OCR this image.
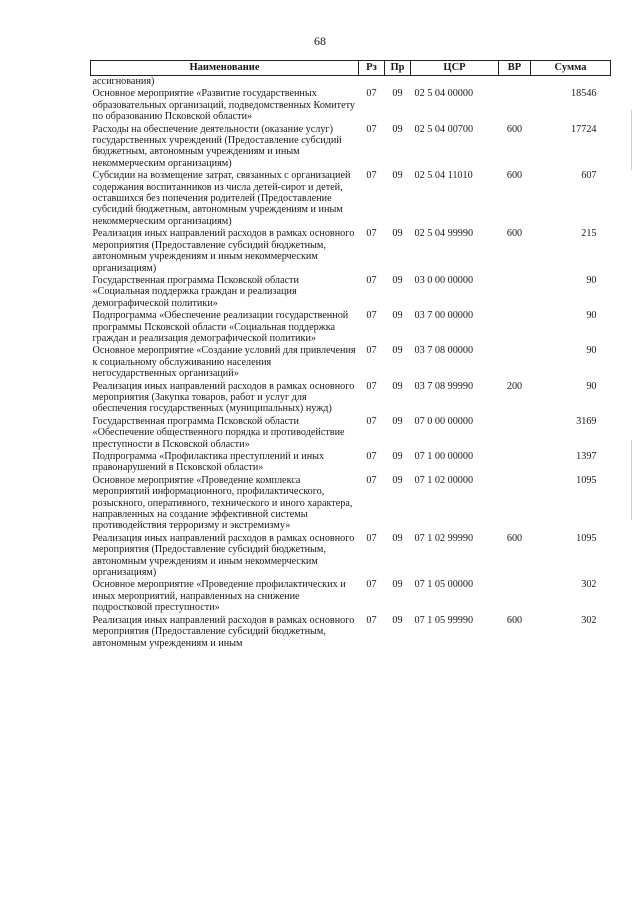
68
Наименование	Рз	Пр	ЦСР	ВР	Сумма
ассигнования)					
Основное мероприятие «Развитие государственных образовательных организаций, подведомственных Комитету по образованию Псковской области»	07	09	02 5 04 00000		18546
Расходы на обеспечение деятельности (оказание услуг) государственных учреждений (Предоставление субсидий бюджетным, автономным учреждениям и иным некоммерческим организациям)	07	09	02 5 04 00700	600	17724
Субсидии на возмещение затрат, связанных с организацией содержания воспитанников из числа детей-сирот и детей, оставшихся без попечения родителей (Предоставление субсидий бюджетным, автономным учреждениям и иным некоммерческим организациям)	07	09	02 5 04 11010	600	607
Реализация иных направлений расходов в рамках основного мероприятия (Предоставление субсидий бюджетным, автономным учреждениям и иным некоммерческим организациям)	07	09	02 5 04 99990	600	215
Государственная программа Псковской области «Социальная поддержка граждан и реализация демографической политики»	07	09	03 0 00 00000		90
Подпрограмма «Обеспечение реализации государственной программы Псковской области «Социальная поддержка граждан и реализация демографической политики»	07	09	03 7 00 00000		90
Основное мероприятие «Создание условий для привлечения к социальному обслуживанию населения негосударственных организаций»	07	09	03 7 08 00000		90
Реализация иных направлений расходов в рамках основного мероприятия (Закупка товаров, работ и услуг для обеспечения государственных (муниципальных) нужд)	07	09	03 7 08 99990	200	90
Государственная программа Псковской области «Обеспечение общественного порядка и противодействие преступности в Псковской области»	07	09	07 0 00 00000		3169
Подпрограмма «Профилактика преступлений и иных правонарушений в Псковской области»	07	09	07 1 00 00000		1397
Основное мероприятие «Проведение комплекса мероприятий информационного, профилактического, розыскного, оперативного, технического и иного характера, направленных на создание эффективной системы противодействия терроризму и экстремизму»	07	09	07 1 02 00000		1095
Реализация иных направлений расходов в рамках основного мероприятия (Предоставление субсидий бюджетным, автономным учреждениям и иным некоммерческим организациям)	07	09	07 1 02 99990	600	1095
Основное мероприятие «Проведение профилактических и иных мероприятий, направленных на снижение подростковой преступности»	07	09	07 1 05 00000		302
Реализация иных направлений расходов в рамках основного мероприятия (Предоставление субсидий бюджетным, автономным учреждениям и иным	07	09	07 1 05 99990	600	302
